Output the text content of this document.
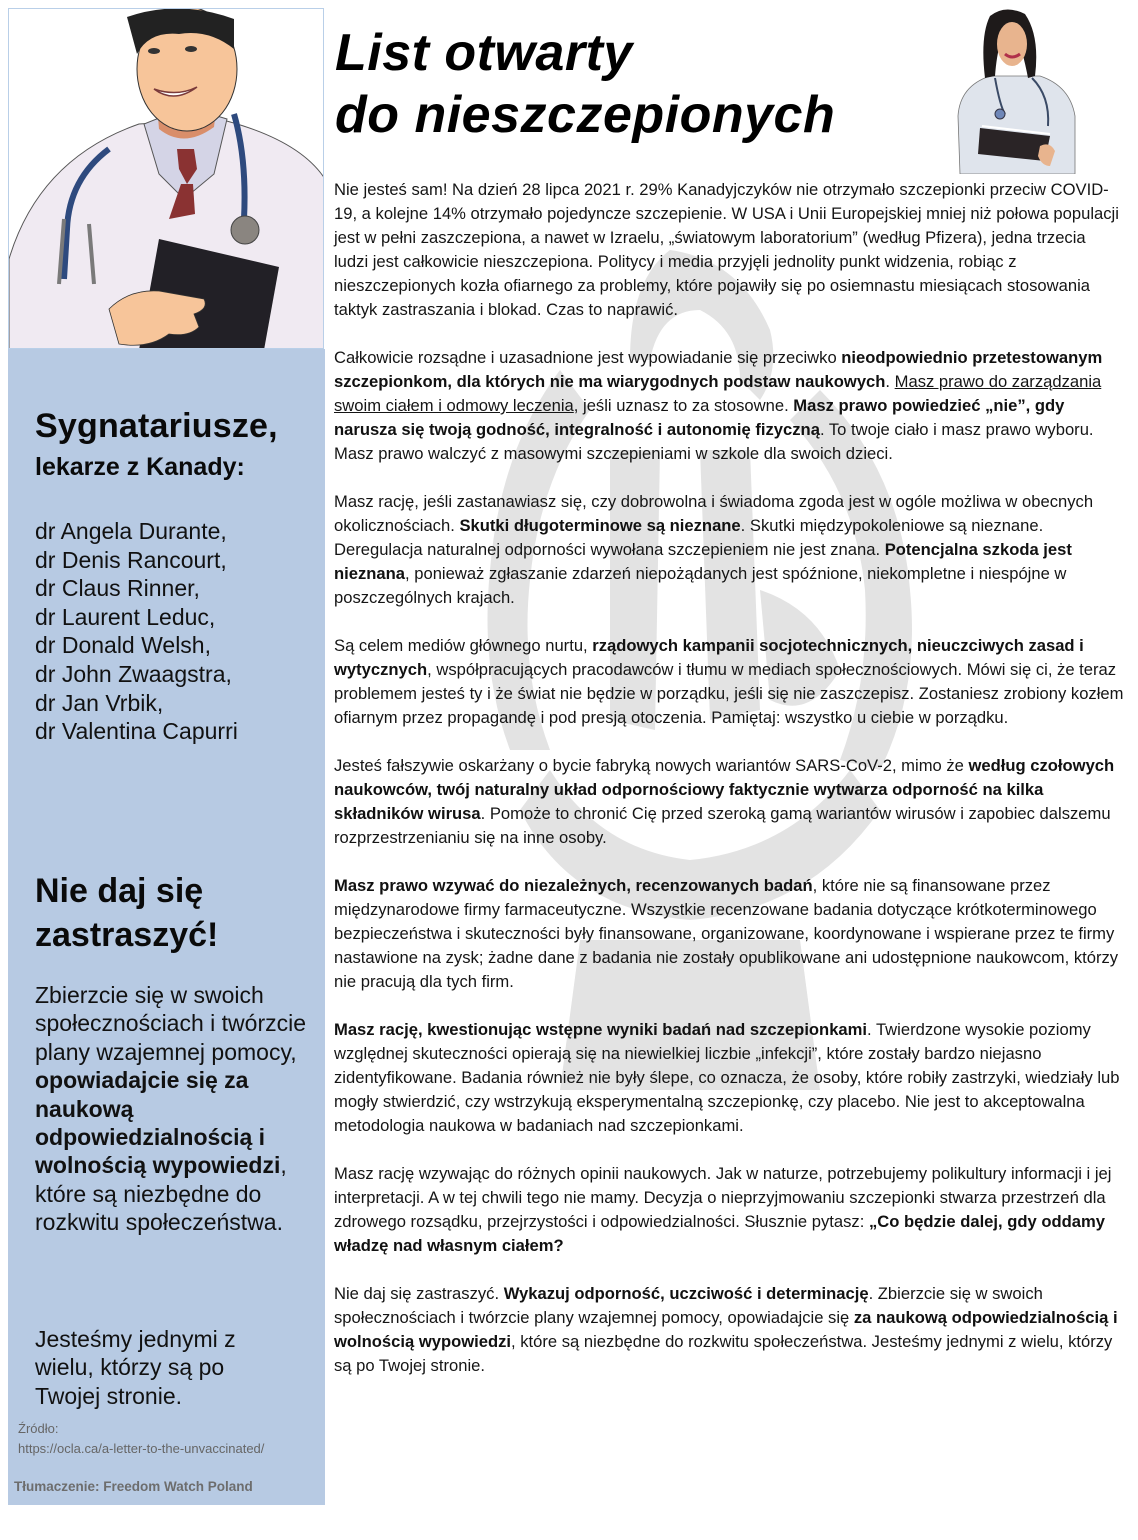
Sygnatariusze,
lekarze z Kanady:
dr Angela Durante,
dr Denis Rancourt,
dr Claus Rinner,
dr Laurent Leduc,
dr Donald Welsh,
dr John Zwaagstra,
dr Jan Vrbik,
dr Valentina Capurri
Nie daj się zastraszyć!
Zbierzcie się w swoich społecznościach i twórzcie plany wzajemnej pomocy, opowiadajcie się za naukową odpowiedzialnością i wolnością wypowiedzi, które są niezbędne do rozkwitu społeczeństwa.
Jesteśmy jednymi z wielu, którzy są po Twojej stronie.
Źródło:
https://ocla.ca/a-letter-to-the-unvaccinated/
Tłumaczenie: Freedom Watch Poland
List otwarty
do nieszczepionych

Nie jesteś sam! Na dzień 28 lipca 2021 r. 29% Kanadyjczyków nie otrzymało szczepionki przeciw COVID-19, a kolejne 14% otrzymało pojedyncze szczepienie. W USA i Unii Europejskiej mniej niż połowa populacji jest w pełni zaszczepiona, a nawet w Izraelu, „światowym laboratorium” (według Pfizera), jedna trzecia ludzi jest całkowicie nieszczepiona. Politycy i media przyjęli jednolity punkt widzenia, robiąc z nieszczepionych kozła ofiarnego za problemy, które pojawiły się po osiemnastu miesiącach stosowania taktyk zastraszania i blokad. Czas to naprawić.

Całkowicie rozsądne i uzasadnione jest wypowiadanie się przeciwko nieodpowiednio przetestowanym szczepionkom, dla których nie ma wiarygodnych podstaw naukowych. Masz prawo do zarządzania swoim ciałem i odmowy leczenia, jeśli uznasz to za stosowne. Masz prawo powiedzieć „nie”, gdy narusza się twoją godność, integralność i autonomię fizyczną. To twoje ciało i masz prawo wyboru. Masz prawo walczyć z masowymi szczepieniami w szkole dla swoich dzieci.

Masz rację, jeśli zastanawiasz się, czy dobrowolna i świadoma zgoda jest w ogóle możliwa w obecnych okolicznościach. Skutki długoterminowe są nieznane. Skutki międzypokoleniowe są nieznane. Deregulacja naturalnej odporności wywołana szczepieniem nie jest znana. Potencjalna szkoda jest nieznana, ponieważ zgłaszanie zdarzeń niepożądanych jest spóźnione, niekompletne i niespójne w poszczególnych krajach.

Są celem mediów głównego nurtu, rządowych kampanii socjotechnicznych, nieuczciwych zasad i wytycznych, współpracujących pracodawców i tłumu w mediach społecznościowych. Mówi się ci, że teraz problemem jesteś ty i że świat nie będzie w porządku, jeśli się nie zaszczepisz. Zostaniesz zrobiony kozłem ofiarnym przez propagandę i pod presją otoczenia. Pamiętaj: wszystko u ciebie w porządku.

Jesteś fałszywie oskarżany o bycie fabryką nowych wariantów SARS-CoV-2, mimo że według czołowych naukowców, twój naturalny układ odpornościowy faktycznie wytwarza odporność na kilka składników wirusa. Pomoże to chronić Cię przed szeroką gamą wariantów wirusów i zapobiec dalszemu rozprzestrzenianiu się na inne osoby.

Masz prawo wzywać do niezależnych, recenzowanych badań, które nie są finansowane przez międzynarodowe firmy farmaceutyczne. Wszystkie recenzowane badania dotyczące krótkoterminowego bezpieczeństwa i skuteczności były finansowane, organizowane, koordynowane i wspierane przez te firmy nastawione na zysk; żadne dane z badania nie zostały opublikowane ani udostępnione naukowcom, którzy nie pracują dla tych firm.

Masz rację, kwestionując wstępne wyniki badań nad szczepionkami. Twierdzone wysokie poziomy względnej skuteczności opierają się na niewielkiej liczbie „infekcji”, które zostały bardzo niejasno zidentyfikowane. Badania również nie były ślepe, co oznacza, że osoby, które robiły zastrzyki, wiedziały lub mogły stwierdzić, czy wstrzykują eksperymentalną szczepionkę, czy placebo. Nie jest to akceptowalna metodologia naukowa w badaniach nad szczepionkami.

Masz rację wzywając do różnych opinii naukowych. Jak w naturze, potrzebujemy polikultury informacji i jej interpretacji. A w tej chwili tego nie mamy. Decyzja o nieprzyjmowaniu szczepionki stwarza przestrzeń dla zdrowego rozsądku, przejrzystości i odpowiedzialności. Słusznie pytasz: „Co będzie dalej, gdy oddamy władzę nad własnym ciałem?

Nie daj się zastraszyć. Wykazuj odporność, uczciwość i determinację. Zbierzcie się w swoich społecznościach i twórzcie plany wzajemnej pomocy, opowiadajcie się za naukową odpowiedzialnością i wolnością wypowiedzi, które są niezbędne do rozkwitu społeczeństwa. Jesteśmy jednymi z wielu, którzy są po Twojej stronie.
